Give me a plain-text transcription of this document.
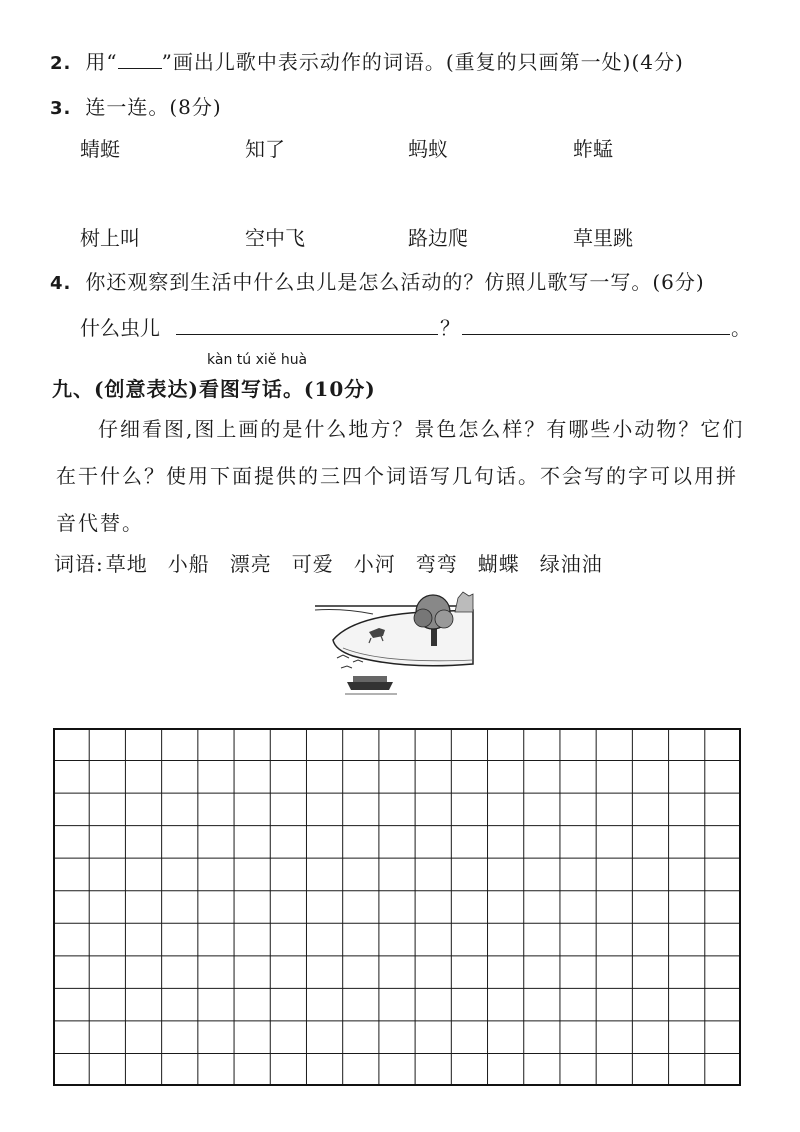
2. 用“ ”画出儿歌中表示动作的词语。(重复的只画第一处)(4分)
3. 连一连。(8分)
蜻蜓	知了	蚂蚁	蚱蜢
树上叫	空中飞	路边爬	草里跳
4. 你还观察到生活中什么虫儿是怎么活动的？仿照儿歌写一写。(6分)
什么虫儿	？	。
kàn tú xiě huà
九、(创意表达)看图写话。(10分)
仔细看图,图上画的是什么地方？景色怎么样？有哪些小动物？它们在干什么？使用下面提供的三四个词语写几句话。不会写的字可以用拼音代替。
词语: 草地 小船 漂亮 可爱 小河 弯弯 蝴蝶 绿油油
